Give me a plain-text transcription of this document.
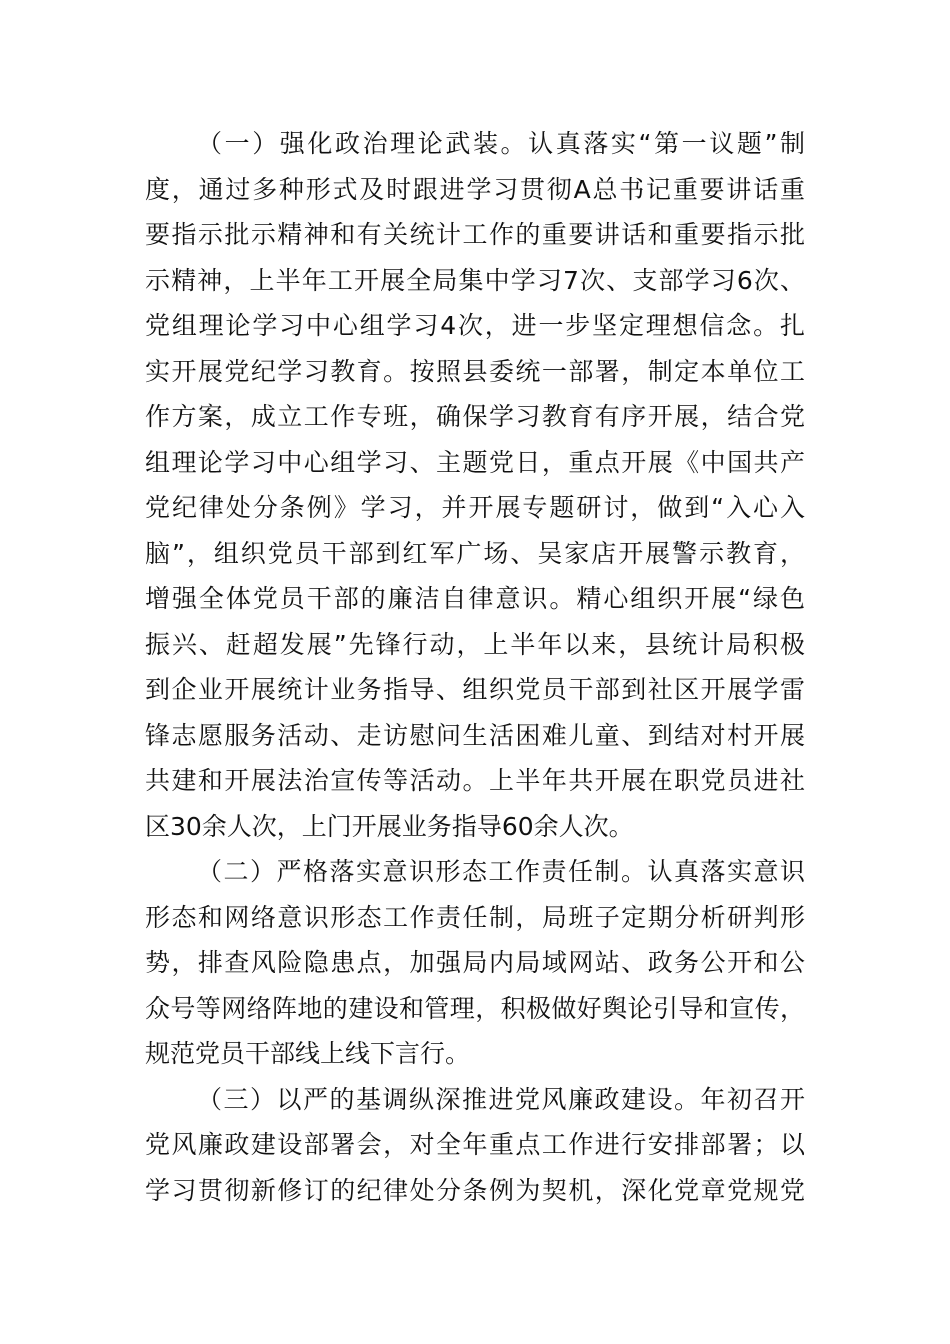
（一）强化政治理论武装。认真落实“第一议题”制
度，通过多种形式及时跟进学习贯彻A总书记重要讲话重
要指示批示精神和有关统计工作的重要讲话和重要指示批
示精神，上半年工开展全局集中学习7次、支部学习6次、
党组理论学习中心组学习4次，进一步坚定理想信念。扎
实开展党纪学习教育。按照县委统一部署，制定本单位工
作方案，成立工作专班，确保学习教育有序开展，结合党
组理论学习中心组学习、主题党日，重点开展《中国共产
党纪律处分条例》学习，并开展专题研讨，做到“入心入
脑”，组织党员干部到红军广场、吴家店开展警示教育，
增强全体党员干部的廉洁自律意识。精心组织开展“绿色
振兴、赶超发展”先锋行动，上半年以来，县统计局积极
到企业开展统计业务指导、组织党员干部到社区开展学雷
锋志愿服务活动、走访慰问生活困难儿童、到结对村开展
共建和开展法治宣传等活动。上半年共开展在职党员进社
区30余人次，上门开展业务指导60余人次。
（二）严格落实意识形态工作责任制。认真落实意识
形态和网络意识形态工作责任制，局班子定期分析研判形
势，排查风险隐患点，加强局内局域网站、政务公开和公
众号等网络阵地的建设和管理，积极做好舆论引导和宣传，
规范党员干部线上线下言行。
（三）以严的基调纵深推进党风廉政建设。年初召开
党风廉政建设部署会，对全年重点工作进行安排部署；以
学习贯彻新修订的纪律处分条例为契机，深化党章党规党
